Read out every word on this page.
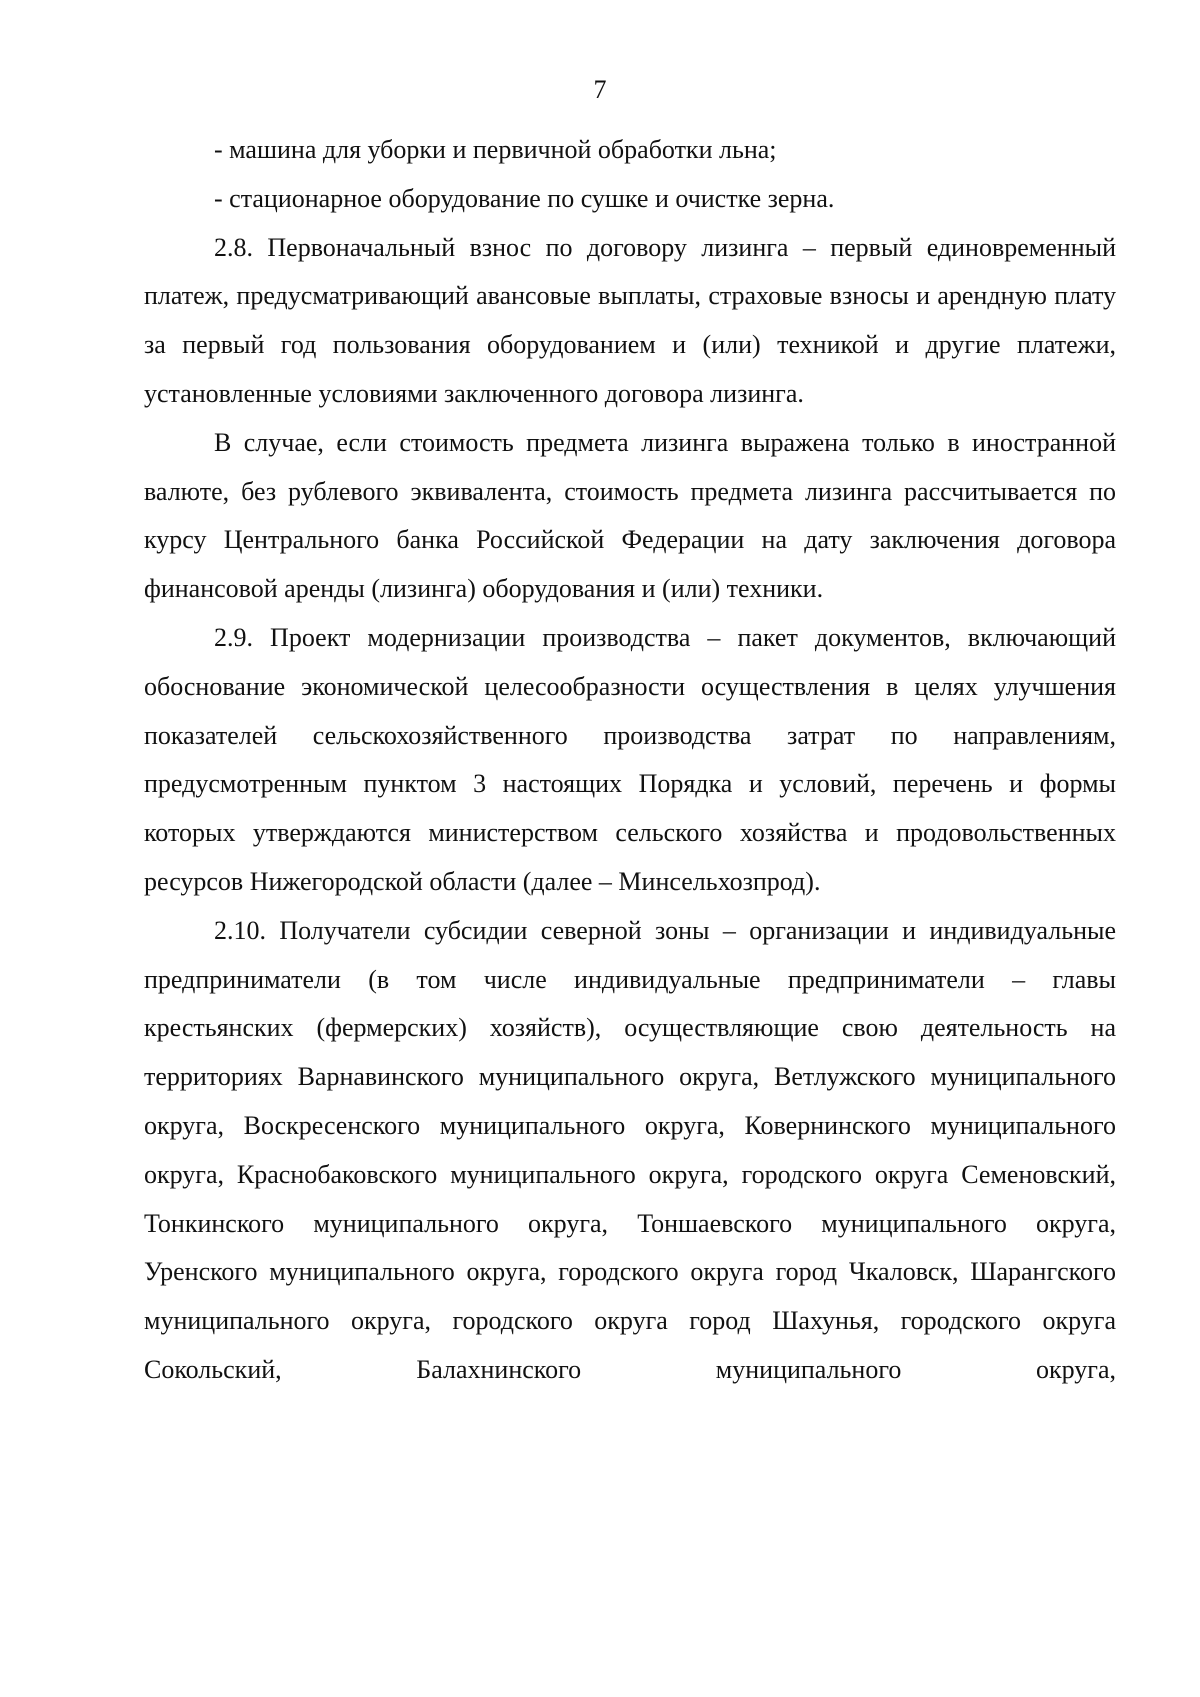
7

- машина для уборки и первичной обработки льна;

- стационарное оборудование по сушке и очистке зерна.

2.8. Первоначальный взнос по договору лизинга – первый единовременный платеж, предусматривающий авансовые выплаты, страховые взносы и арендную плату за первый год пользования оборудованием и (или) техникой и другие платежи, установленные условиями заключенного договора лизинга.

В случае, если стоимость предмета лизинга выражена только в иностранной валюте, без рублевого эквивалента, стоимость предмета лизинга рассчитывается по курсу Центрального банка Российской Федерации на дату заключения договора финансовой аренды (лизинга) оборудования и (или) техники.

2.9. Проект модернизации производства – пакет документов, включающий обоснование экономической целесообразности осуществления в целях улучшения показателей сельскохозяйственного производства затрат по направлениям, предусмотренным пунктом 3 настоящих Порядка и условий, перечень и формы которых утверждаются министерством сельского хозяйства и продовольственных ресурсов Нижегородской области (далее – Минсельхозпрод).

2.10. Получатели субсидии северной зоны – организации и индивидуальные предприниматели (в том числе индивидуальные предприниматели – главы крестьянских (фермерских) хозяйств), осуществляющие свою деятельность на территориях Варнавинского муниципального округа, Ветлужского муниципального округа, Воскресенского муниципального округа, Ковернинского муниципального округа, Краснобаковского муниципального округа, городского округа Семеновский, Тонкинского муниципального округа, Тоншаевского муниципального округа, Уренского муниципального округа, городского округа город Чкаловск, Шарангского муниципального округа, городского округа город Шахунья, городского округа Сокольский, Балахнинского муниципального округа,
